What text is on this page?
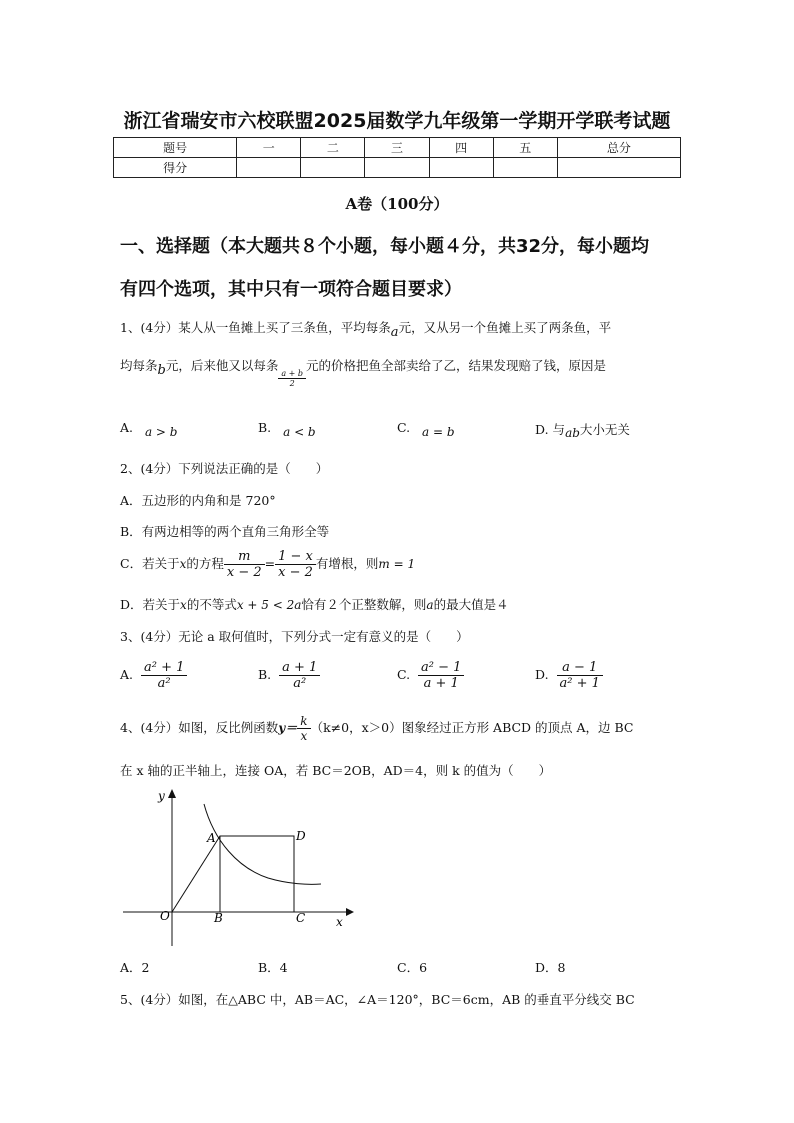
浙江省瑞安市六校联盟2025届数学九年级第一学期开学联考试题
题号	一	二	三	四	五	总分
得分						
A卷（100分）
一、选择题（本大题共８个小题，每小题４分，共32分，每小题均
有四个选项，其中只有一项符合题目要求）
1、(4分）某人从一鱼摊上买了三条鱼，平均每条a元，又从另一个鱼摊上买了两条鱼，平
均每条b元，后来他又以每条
$\frac{a + b}{2}$
元的价格把鱼全部卖给了乙，结果发现赔了钱，原因是
A. a > b	B. a < b	C. a = b	D. 与ab大小无关
2、(4分）下列说法正确的是（　　）
A．五边形的内角和是 720°
B．有两边相等的两个直角三角形全等
C．若关于x的方程 $\frac{m}{x - 2} = \frac{1 - x}{x - 2}$ 有增根，则m = 1
D．若关于x的不等式x + 5 < 2a恰有２个正整数解，则a的最大值是４
3、(4分）无论 a 取何值时，下列分式一定有意义的是（　　）
A. $\frac{\text{a² + 1}}{\text{a²}}$	B. $\frac{a + 1}{\text{a²}}$	C. $\frac{\text{a² − 1}}{a + 1}$	D. $\frac{a - 1}{\text{a² + 1}}$
4、(4分）如图，反比例函数$y= \frac{k}{x} (k\ne 0$，x＞0）图象经过正方形 ABCD 的顶点 A，边 BC
在 x 轴的正半轴上，连接 OA，若 BC＝2OB，AD＝4，则 k 的值为（　　）
y
x
O
A
B	C
D
A．2	B．4	C．6	D．8
5、(4分）如图，在△ABC 中，AB＝AC，∠A＝120°，BC＝6cm，AB 的垂直平分线交 BC
